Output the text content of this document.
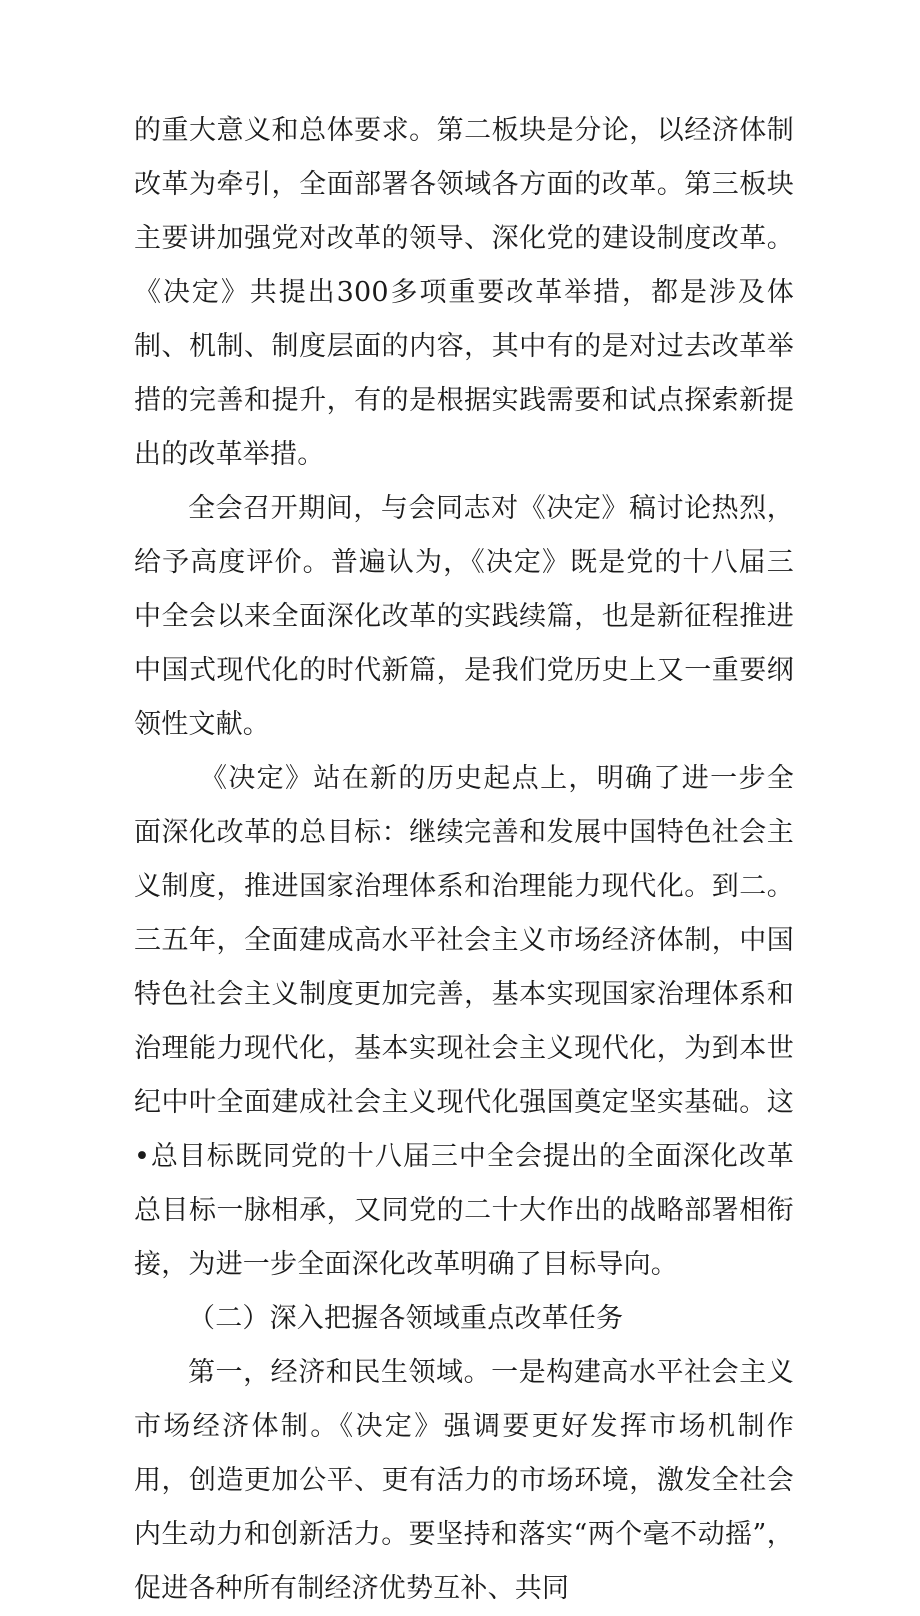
的重大意义和总体要求。第二板块是分论，以经济体制改革为牵引，全面部署各领域各方面的改革。第三板块主要讲加强党对改革的领导、深化党的建设制度改革。《决定》共提出300多项重要改革举措，都是涉及体制、机制、制度层面的内容，其中有的是对过去改革举措的完善和提升，有的是根据实践需要和试点探索新提出的改革举措。

全会召开期间，与会同志对《决定》稿讨论热烈，给予高度评价。普遍认为，《决定》既是党的十八届三中全会以来全面深化改革的实践续篇，也是新征程推进中国式现代化的时代新篇，是我们党历史上又一重要纲领性文献。

《决定》站在新的历史起点上，明确了进一步全面深化改革的总目标：继续完善和发展中国特色社会主义制度，推进国家治理体系和治理能力现代化。到二。三五年，全面建成高水平社会主义市场经济体制，中国特色社会主义制度更加完善，基本实现国家治理体系和治理能力现代化，基本实现社会主义现代化，为到本世纪中叶全面建成社会主义现代化强国奠定坚实基础。这•总目标既同党的十八届三中全会提出的全面深化改革总目标一脉相承，又同党的二十大作出的战略部署相衔接，为进一步全面深化改革明确了目标导向。

（二）深入把握各领域重点改革任务

第一，经济和民生领域。一是构建高水平社会主义市场经济体制。《决定》强调要更好发挥市场机制作用，创造更加公平、更有活力的市场环境，激发全社会内生动力和创新活力。要坚持和落实“两个毫不动摇”，促进各种所有制经济优势互补、共同
